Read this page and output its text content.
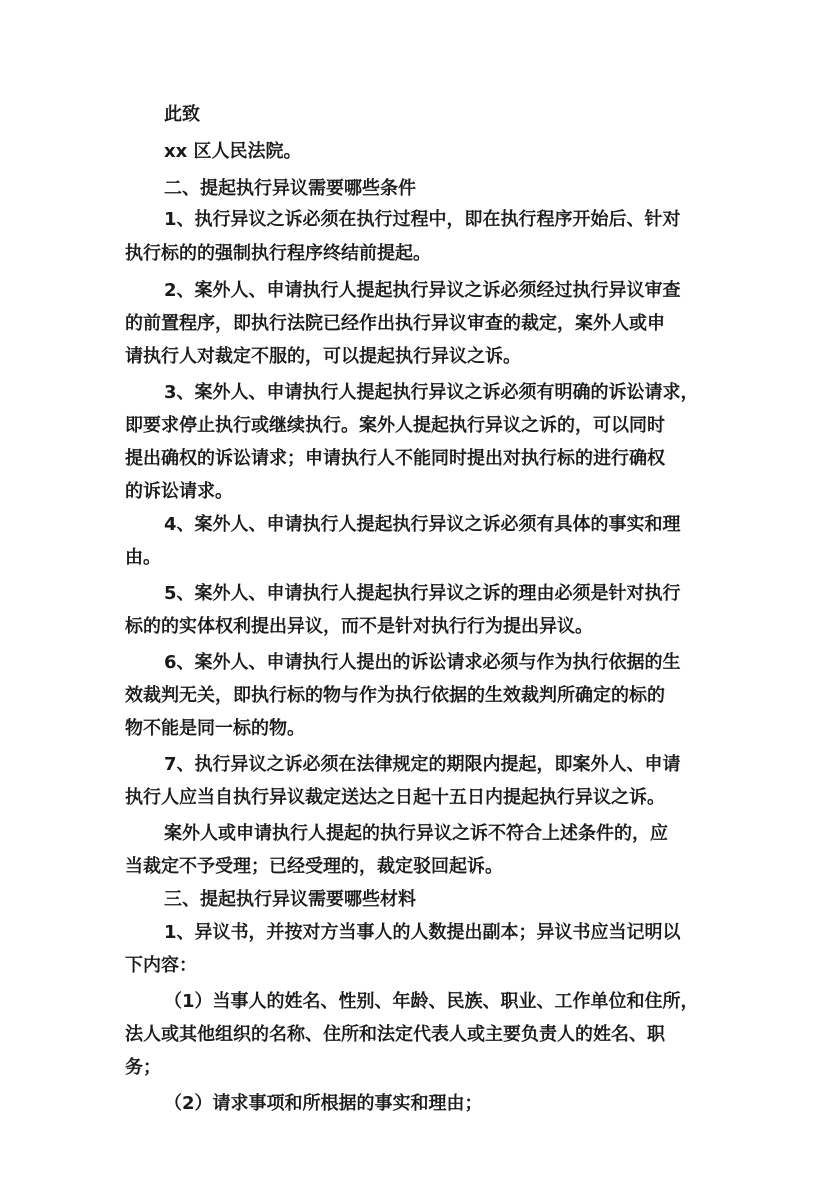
此致
xx 区人民法院。
二、提起执行异议需要哪些条件
1、执行异议之诉必须在执行过程中，即在执行程序开始后、针对
执行标的的强制执行程序终结前提起。
2、案外人、申请执行人提起执行异议之诉必须经过执行异议审查
的前置程序，即执行法院已经作出执行异议审查的裁定，案外人或申
请执行人对裁定不服的，可以提起执行异议之诉。
3、案外人、申请执行人提起执行异议之诉必须有明确的诉讼请求，
即要求停止执行或继续执行。案外人提起执行异议之诉的，可以同时
提出确权的诉讼请求；申请执行人不能同时提出对执行标的进行确权
的诉讼请求。
4、案外人、申请执行人提起执行异议之诉必须有具体的事实和理
由。
5、案外人、申请执行人提起执行异议之诉的理由必须是针对执行
标的的实体权利提出异议，而不是针对执行行为提出异议。
6、案外人、申请执行人提出的诉讼请求必须与作为执行依据的生
效裁判无关，即执行标的物与作为执行依据的生效裁判所确定的标的
物不能是同一标的物。
7、执行异议之诉必须在法律规定的期限内提起，即案外人、申请
执行人应当自执行异议裁定送达之日起十五日内提起执行异议之诉。
案外人或申请执行人提起的执行异议之诉不符合上述条件的，应
当裁定不予受理；已经受理的，裁定驳回起诉。
三、提起执行异议需要哪些材料
1、异议书，并按对方当事人的人数提出副本；异议书应当记明以
下内容：
（1）当事人的姓名、性别、年龄、民族、职业、工作单位和住所，
法人或其他组织的名称、住所和法定代表人或主要负责人的姓名、职
务；
（2）请求事项和所根据的事实和理由；
